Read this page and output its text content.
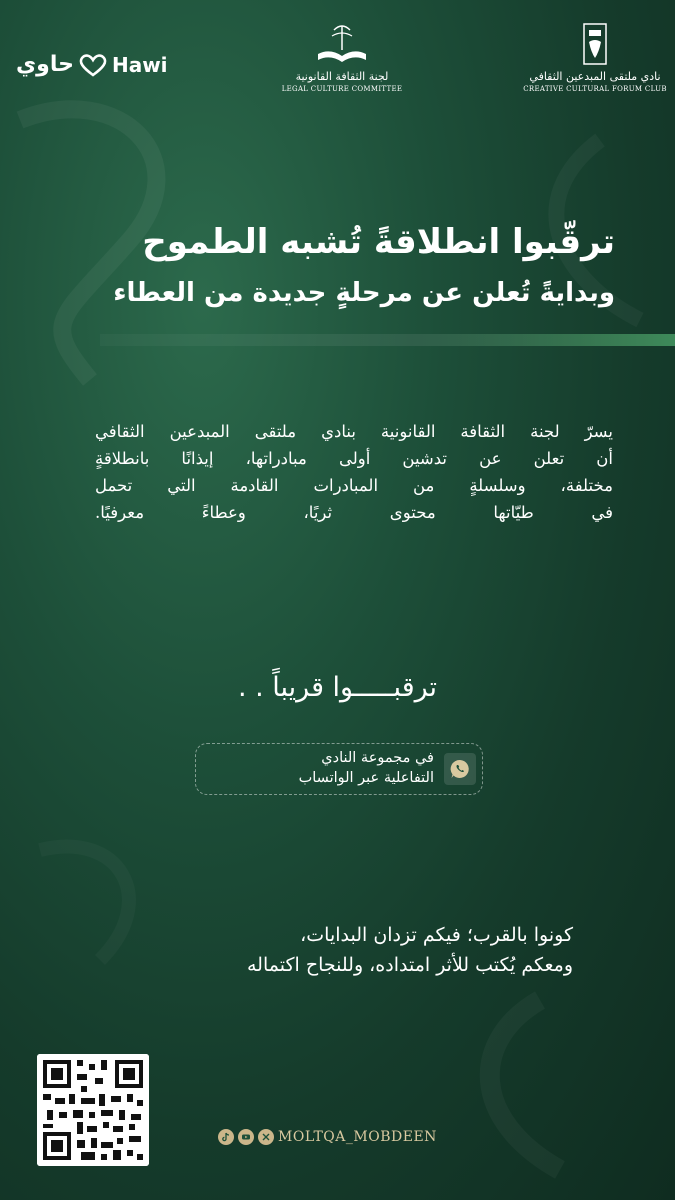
حاوي Hawi	لجنة الثقافة القانونية
LEGAL CULTURE COMMITTEE
نادي ملتقى المبدعين الثقافي
CREATIVE CULTURAL FORUM CLUB
ترقّبوا انطلاقةً تُشبه الطموح
وبدايةً تُعلن عن مرحلةٍ جديدة من العطاء
يسرّ لجنة الثقافة القانونية بنادي ملتقى المبدعين الثقافي
أن تعلن عن تدشين أولى مبادراتها، إيذانًا بانطلاقةٍ
مختلفة، وسلسلةٍ من المبادرات القادمة التي تحمل
في طيّاتها محتوى ثريًا، وعطاءً معرفيًا.
ترقبـــــوا قريباً . .
في مجموعة النادي
التفاعلية عبر الواتساب
كونوا بالقرب؛ فيكم تزدان البدايات،
ومعكم يُكتب للأثر امتداده، وللنجاح اكتماله
MOLTQA_MOBDEEN
